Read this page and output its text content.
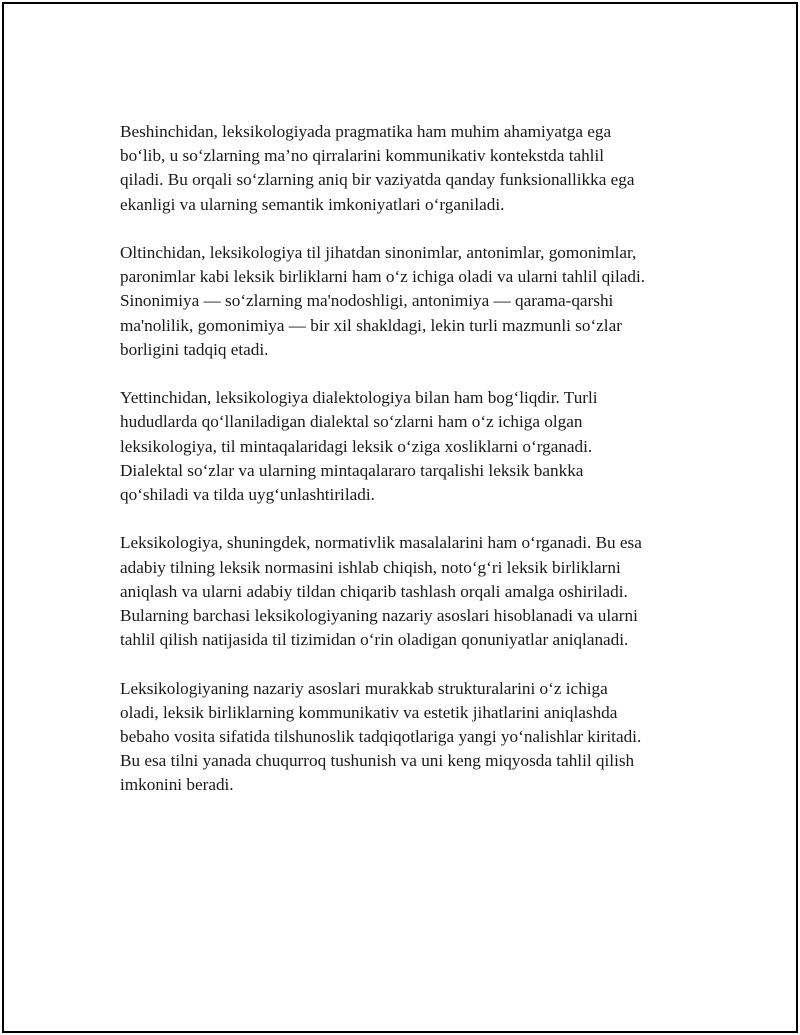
Beshinchidan, leksikologiyada pragmatika ham muhim ahamiyatga ega
bo‘lib, u so‘zlarning ma’no qirralarini kommunikativ kontekstda tahlil
qiladi. Bu orqali so‘zlarning aniq bir vaziyatda qanday funksionallikka ega
ekanligi va ularning semantik imkoniyatlari o‘rganiladi.

Oltinchidan, leksikologiya til jihatdan sinonimlar, antonimlar, gomonimlar,
paronimlar kabi leksik birliklarni ham o‘z ichiga oladi va ularni tahlil qiladi.
Sinonimiya — so‘zlarning ma'nodoshligi, antonimiya — qarama-qarshi
ma'nolilik, gomonimiya — bir xil shakldagi, lekin turli mazmunli so‘zlar
borligini tadqiq etadi.

Yettinchidan, leksikologiya dialektologiya bilan ham bog‘liqdir. Turli
hududlarda qo‘llaniladigan dialektal so‘zlarni ham o‘z ichiga olgan
leksikologiya, til mintaqalaridagi leksik o‘ziga xosliklarni o‘rganadi.
Dialektal so‘zlar va ularning mintaqalararo tarqalishi leksik bankka
qo‘shiladi va tilda uyg‘unlashtiriladi.

Leksikologiya, shuningdek, normativlik masalalarini ham o‘rganadi. Bu esa
adabiy tilning leksik normasini ishlab chiqish, noto‘g‘ri leksik birliklarni
aniqlash va ularni adabiy tildan chiqarib tashlash orqali amalga oshiriladi.
Bularning barchasi leksikologiyaning nazariy asoslari hisoblanadi va ularni
tahlil qilish natijasida til tizimidan o‘rin oladigan qonuniyatlar aniqlanadi.

Leksikologiyaning nazariy asoslari murakkab strukturalarini o‘z ichiga
oladi, leksik birliklarning kommunikativ va estetik jihatlarini aniqlashda
bebaho vosita sifatida tilshunoslik tadqiqotlariga yangi yo‘nalishlar kiritadi.
Bu esa tilni yanada chuqurroq tushunish va uni keng miqyosda tahlil qilish
imkonini beradi.
